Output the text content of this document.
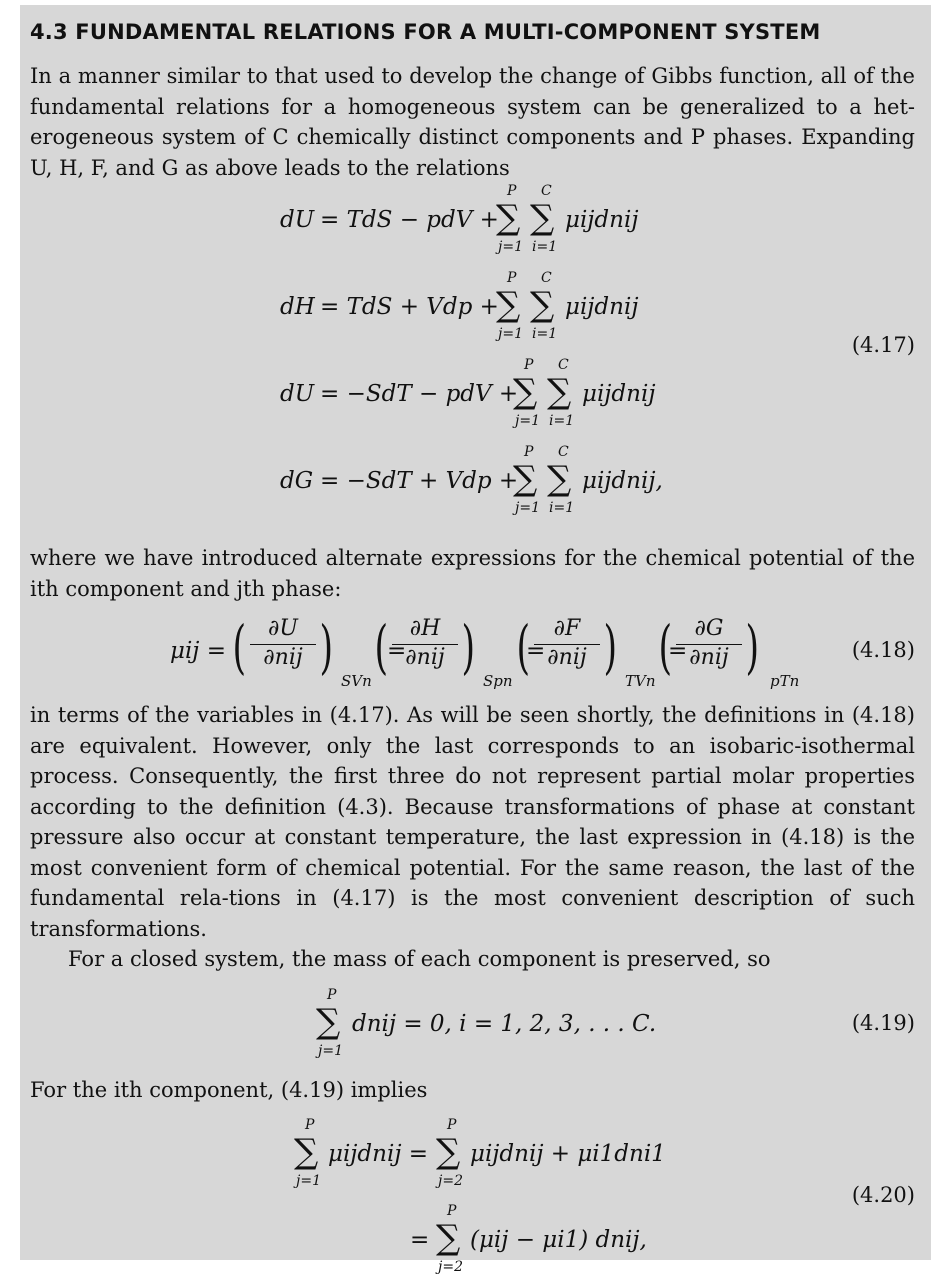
4.3 FUNDAMENTAL RELATIONS FOR A MULTI-COMPONENT SYSTEM

In a manner similar to that used to develop the change of Gibbs function, all of the fundamental relations for a homogeneous system can be generalized to a het-erogeneous system of C chemically distinct components and P phases. Expanding U, H, F, and G as above leads to the relations

(4.17)
dU = TdS − pdV +
P C
∑ ∑
j=1 i=1
μijdnij
dH = TdS + Vdp +
P C
∑ ∑
j=1 i=1
μijdnij
dU = −SdT − pdV +
P C
∑ ∑
j=1 i=1
μijdnij
dG = −SdT + Vdp +
P C
∑ ∑
j=1 i=1
μijdnij,

where we have introduced alternate expressions for the chemical potential of the ith component and jth phase:

(4.18)
μij = ( ∂U
∂nij ) SVn
=
( ∂H
∂nij ) Spn
=
(	∂F
∂nij ) TVn
=
(	∂G
∂nij ) pTn

in terms of the variables in (4.17). As will be seen shortly, the definitions in (4.18) are equivalent. However, only the last corresponds to an isobaric-isothermal process. Consequently, the first three do not represent partial molar properties according to the definition (4.3). Because transformations of phase at constant pressure also occur at constant temperature, the last expression in (4.18) is the most convenient form of chemical potential. For the same reason, the last of the fundamental rela-tions in (4.17) is the most convenient description of such transformations.

For a closed system, the mass of each component is preserved, so

(4.19)
P
∑
j=1
dnij = 0, i = 1, 2, 3, . . . C.

For the ith component, (4.19) implies

(4.20)
P
∑
j=1
μijdnij =
P
∑
j=2
μijdnij + μi1dni1
=
P
∑
j=2
(μij − μi1) dnij,
